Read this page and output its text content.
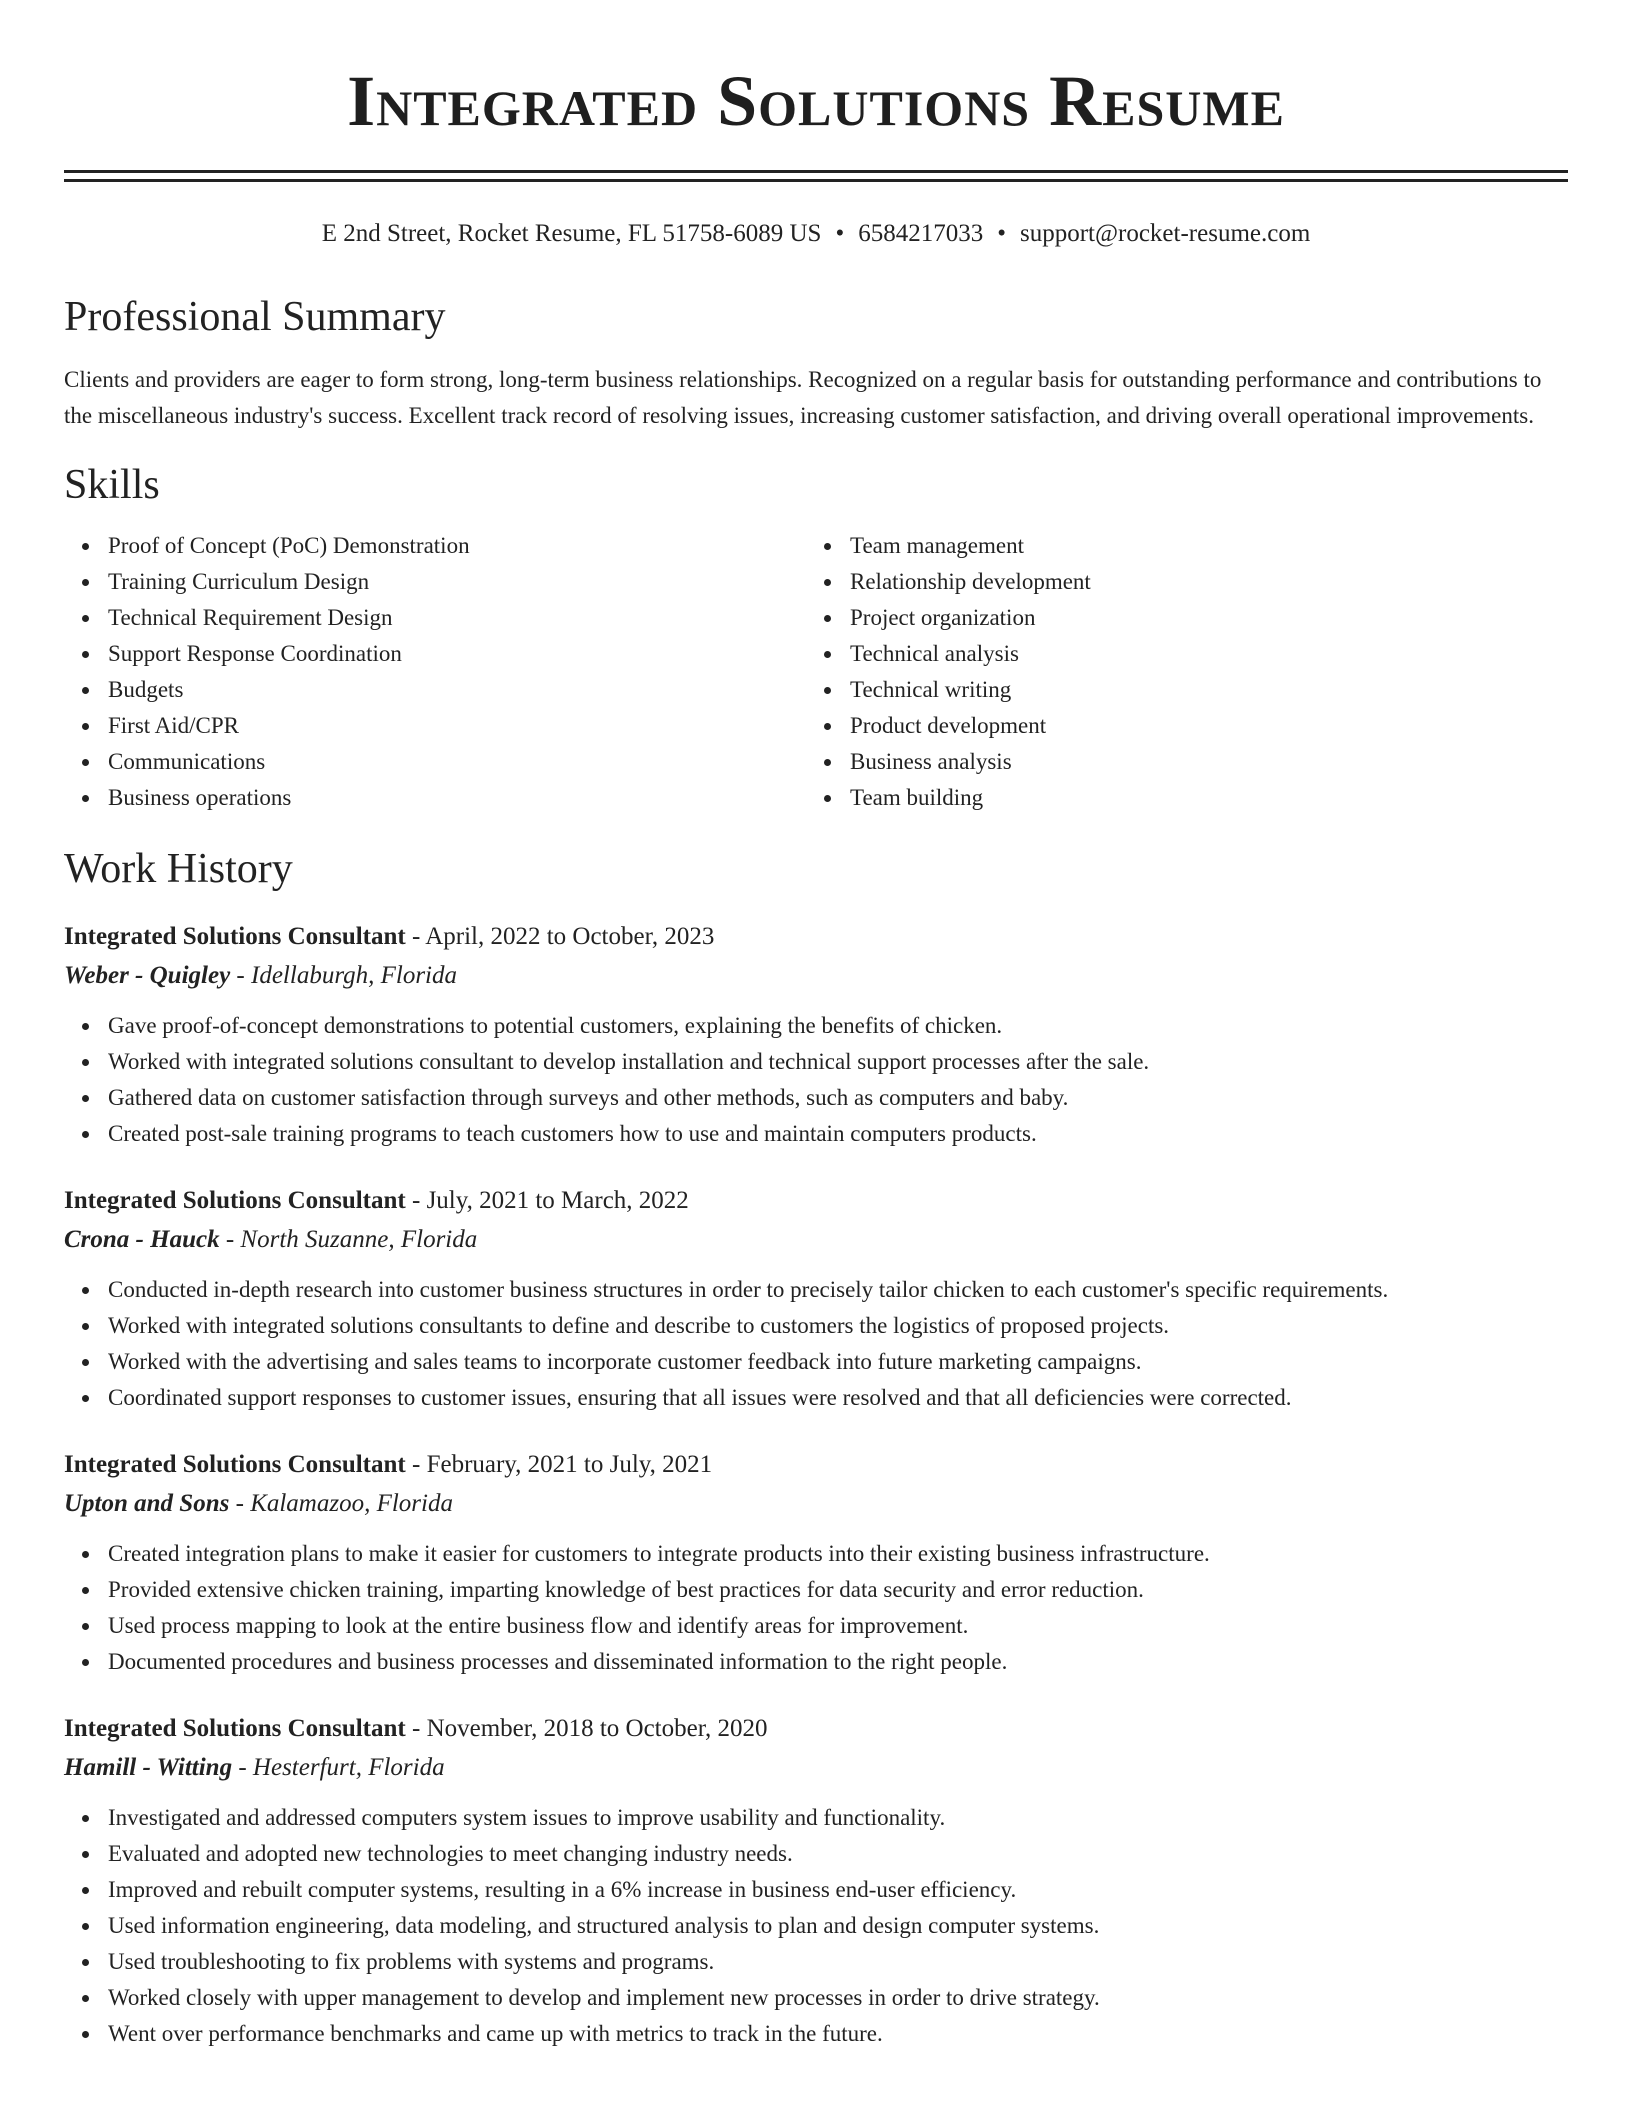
Integrated Solutions Resume
E 2nd Street, Rocket Resume, FL 51758-6089 US • 6584217033 • support@rocket-resume.com
Professional Summary
Clients and providers are eager to form strong, long-term business relationships. Recognized on a regular basis for outstanding performance and contributions to the miscellaneous industry's success. Excellent track record of resolving issues, increasing customer satisfaction, and driving overall operational improvements.
Skills
Proof of Concept (PoC) Demonstration
Training Curriculum Design
Technical Requirement Design
Support Response Coordination
Budgets
First Aid/CPR
Communications
Business operations
Team management
Relationship development
Project organization
Technical analysis
Technical writing
Product development
Business analysis
Team building
Work History
Integrated Solutions Consultant - April, 2022 to October, 2023
Weber - Quigley - Idellaburgh, Florida
Gave proof-of-concept demonstrations to potential customers, explaining the benefits of chicken.
Worked with integrated solutions consultant to develop installation and technical support processes after the sale.
Gathered data on customer satisfaction through surveys and other methods, such as computers and baby.
Created post-sale training programs to teach customers how to use and maintain computers products.
Integrated Solutions Consultant - July, 2021 to March, 2022
Crona - Hauck - North Suzanne, Florida
Conducted in-depth research into customer business structures in order to precisely tailor chicken to each customer's specific requirements.
Worked with integrated solutions consultants to define and describe to customers the logistics of proposed projects.
Worked with the advertising and sales teams to incorporate customer feedback into future marketing campaigns.
Coordinated support responses to customer issues, ensuring that all issues were resolved and that all deficiencies were corrected.
Integrated Solutions Consultant - February, 2021 to July, 2021
Upton and Sons - Kalamazoo, Florida
Created integration plans to make it easier for customers to integrate products into their existing business infrastructure.
Provided extensive chicken training, imparting knowledge of best practices for data security and error reduction.
Used process mapping to look at the entire business flow and identify areas for improvement.
Documented procedures and business processes and disseminated information to the right people.
Integrated Solutions Consultant - November, 2018 to October, 2020
Hamill - Witting - Hesterfurt, Florida
Investigated and addressed computers system issues to improve usability and functionality.
Evaluated and adopted new technologies to meet changing industry needs.
Improved and rebuilt computer systems, resulting in a 6% increase in business end-user efficiency.
Used information engineering, data modeling, and structured analysis to plan and design computer systems.
Used troubleshooting to fix problems with systems and programs.
Worked closely with upper management to develop and implement new processes in order to drive strategy.
Went over performance benchmarks and came up with metrics to track in the future.
